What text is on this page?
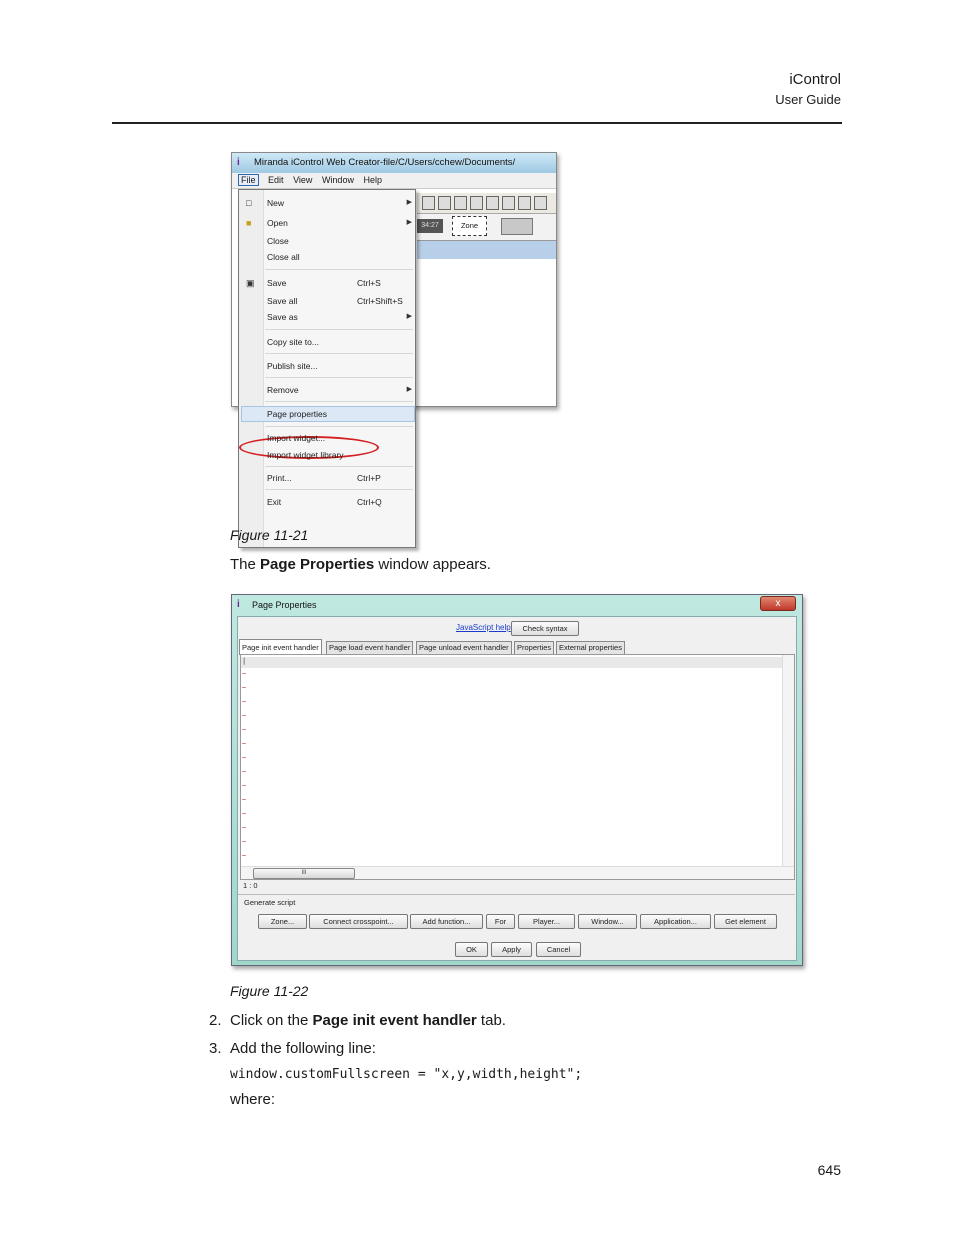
iControl
User Guide
i	Miranda iControl Web Creator-file/C/Users/cchew/Documents/
File Edit View Window Help
34:27	Zone
□	New	▶
■	Open	▶
Close
Close all
▣ Save	Ctrl+S
Save all	Ctrl+Shift+S
Save as	▶
Copy site to...
Publish site...
Remove	▶
Page properties
Import widget...
Import widget library
Print...	Ctrl+P
Exit	Ctrl+Q
Figure 11-21
The Page Properties window appears.
i	Page Properties	x
JavaScript help	Check syntax
Page init event handler	Page load event handler	Page unload event handler	Properties	External properties
|
~
~
~
~
~
~
~
~
~
~
~
~
~
~
III
1 : 0
Generate script
Zone...	Connect crosspoint...	Add function...	For	Player...	Window...	Application...	Get element
OK	Apply	Cancel
Figure 11-22
2. Click on the Page init event handler tab.
3. Add the following line:
window.customFullscreen = "x,y,width,height";
where:
645
